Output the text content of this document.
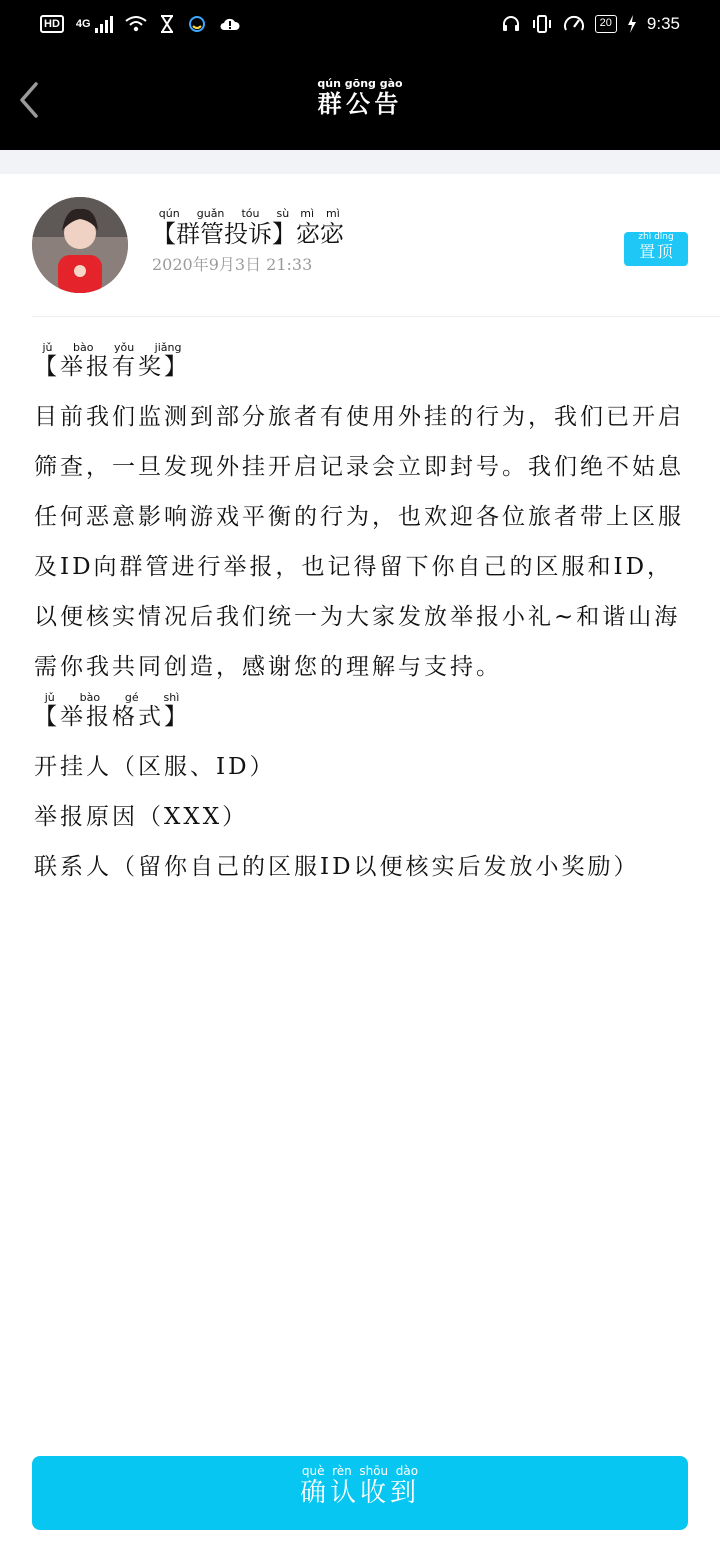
HD	4G	20 9:35
群公告qún gōng gào
【群管投诉】qún guǎn tóu sù宓宓mì mì
2020年9月3日 21:33
置顶zhì dǐng

【举报有奖】jǔ bào yǒu jiǎng

目前我们监测到部分旅者有使用外挂的行为，我们已开启筛查，一旦发现外挂开启记录会立即封号。我们绝不姑息任何恶意影响游戏平衡的行为，也欢迎各位旅者带上区服及ID向群管进行举报，也记得留下你自己的区服和ID，以便核实情况后我们统一为大家发放举报小礼~和谐山海需你我共同创造，感谢您的理解与支持。

【举报格式】jǔ bào gé shì

开挂人（区服、ID）

举报原因（XXX）

联系人（留你自己的区服ID以便核实后发放小奖励）

确认收到què rèn shōu dào
